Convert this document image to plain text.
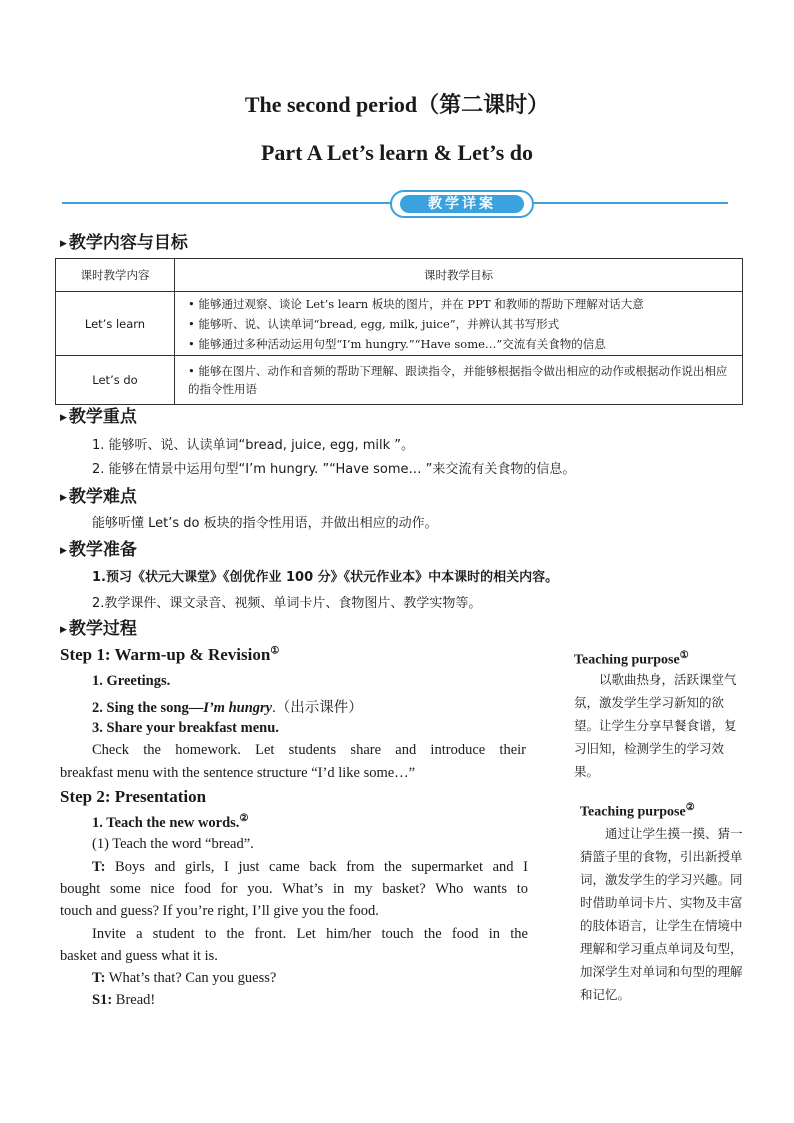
The second period（第二课时）
Part A Let’s learn & Let’s do
教学详案
▶ 教学内容与目标
课时教学内容	课时教学目标
Let’s learn	• 能够通过观察、谈论 Let’s learn 板块的图片，并在 PPT 和教师的帮助下理解对话大意
• 能够听、说、认读单词“bread, egg, milk, juice”，并辨认其书写形式
• 能够通过多种活动运用句型“I’m hungry.”“Have some…”交流有关食物的信息

Let’s do	• 能够在图片、动作和音频的帮助下理解、跟读指令，并能够根据指令做出相应的动作或根据动作说出相应的指令性用语
▶ 教学重点
1. 能够听、说、认读单词“bread, juice, egg, milk ”。
2. 能够在情景中运用句型“I’m hungry. ”“Have some… ”来交流有关食物的信息。
▶ 教学难点
能够听懂 Let’s do 板块的指令性用语，并做出相应的动作。
▶ 教学准备
1.预习《状元大课堂》《创优作业 100 分》《状元作业本》中本课时的相关内容。
2.教学课件、课文录音、视频、单词卡片、食物图片、教学实物等。
▶ 教学过程
Step 1: Warm-up & Revision①
1. Greetings.
2. Sing the song—I’m hungry.（出示课件）
3. Share your breakfast menu.
Check the homework. Let students share and introduce their
breakfast menu with the sentence structure “I’d like some…”
Step 2: Presentation
1. Teach the new words.②
(1) Teach the word “bread”.
T: Boys and girls, I just came back from the supermarket and I
bought some nice food for you. What’s in my basket? Who wants to
touch and guess? If you’re right, I’ll give you the food.
Invite a student to the front. Let him/her touch the food in the
basket and guess what it is.
T: What’s that? Can you guess?
S1: Bread!
Teaching purpose①
以歌曲热身，活跃课堂气氛，激发学生学习新知的欲望。让学生分享早餐食谱，复习旧知，检测学生的学习效果。
Teaching purpose②
通过让学生摸一摸、猜一猜篮子里的食物，引出新授单词，激发学生的学习兴趣。同时借助单词卡片、实物及丰富的肢体语言，让学生在情境中理解和学习重点单词及句型，加深学生对单词和句型的理解和记忆。
